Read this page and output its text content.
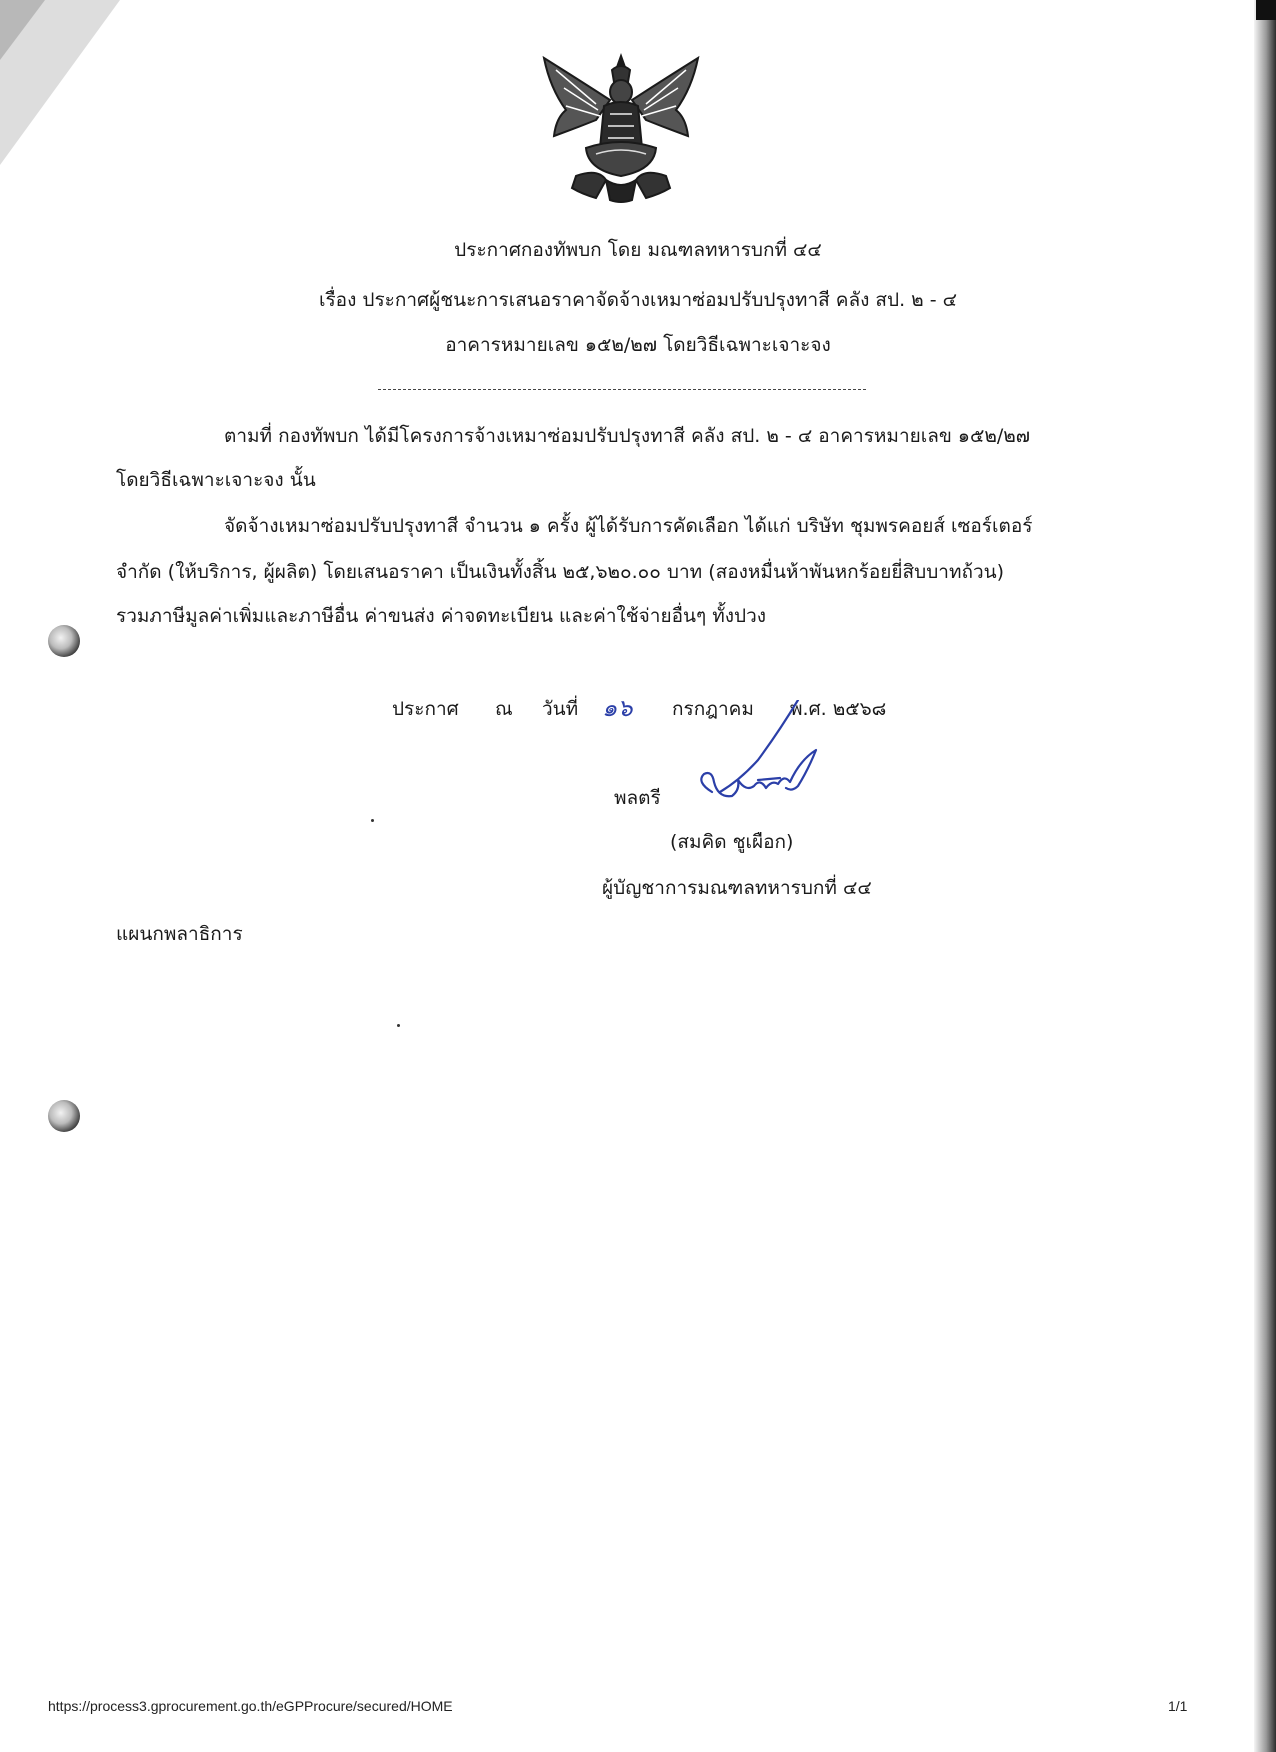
ประกาศกองทัพบก โดย มณฑลทหารบกที่ ๔๔
เรื่อง ประกาศผู้ชนะการเสนอราคาจัดจ้างเหมาซ่อมปรับปรุงทาสี คลัง สป. ๒ - ๔
อาคารหมายเลข ๑๕๒/๒๗ โดยวิธีเฉพาะเจาะจง
ตามที่ กองทัพบก ได้มีโครงการจ้างเหมาซ่อมปรับปรุงทาสี คลัง สป. ๒ - ๔ อาคารหมายเลข ๑๕๒/๒๗
โดยวิธีเฉพาะเจาะจง นั้น
จัดจ้างเหมาซ่อมปรับปรุงทาสี จำนวน ๑ ครั้ง ผู้ได้รับการคัดเลือก ได้แก่ บริษัท ชุมพรคอยส์ เซอร์เตอร์
จำกัด (ให้บริการ, ผู้ผลิต) โดยเสนอราคา เป็นเงินทั้งสิ้น ๒๕,๖๒๐.๐๐ บาท (สองหมื่นห้าพันหกร้อยยี่สิบบาทถ้วน)
รวมภาษีมูลค่าเพิ่มและภาษีอื่น ค่าขนส่ง ค่าจดทะเบียน และค่าใช้จ่ายอื่นๆ ทั้งปวง
ประกาศ ณ วันที่ ๑๖ กรกฎาคม พ.ศ. ๒๕๖๘
พลตรี
(สมคิด ชูเผือก)
ผู้บัญชาการมณฑลทหารบกที่ ๔๔
แผนกพลาธิการ
https://process3.gprocurement.go.th/eGPProcure/secured/HOME	1/1
